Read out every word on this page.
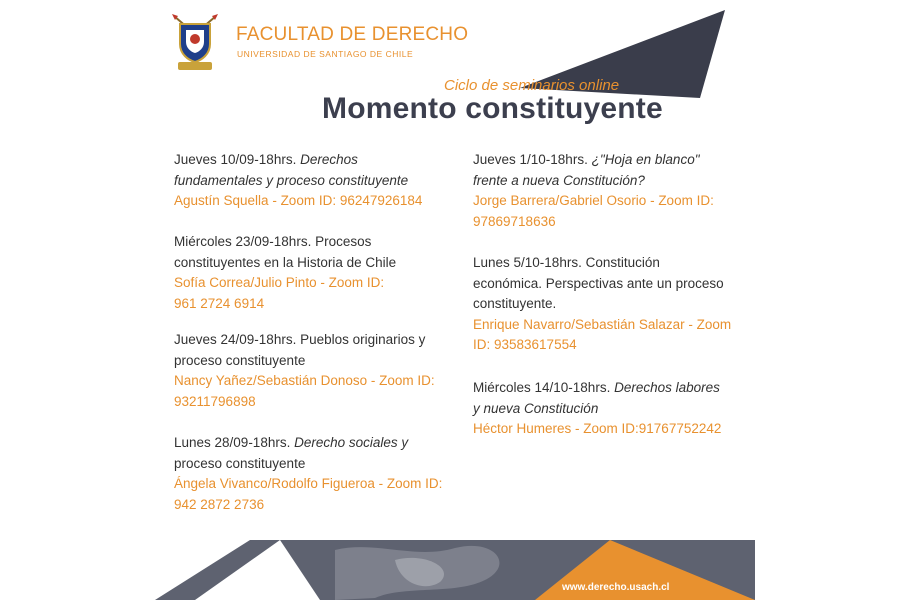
FACULTAD DE DERECHO
UNIVERSIDAD DE SANTIAGO DE CHILE
Ciclo de seminarios online
Momento constituyente
Jueves 10/09-18hrs. Derechos
fundamentales y proceso constituyente
Agustín Squella - Zoom ID: 96247926184
Miércoles 23/09-18hrs. Procesos
constituyentes en la Historia de Chile
Sofía Correa/Julio Pinto - Zoom ID:
961 2724 6914
Jueves 24/09-18hrs. Pueblos originarios y
proceso constituyente
Nancy Yañez/Sebastián Donoso - Zoom ID:
93211796898
Lunes 28/09-18hrs. Derecho sociales y
proceso constituyente
Ángela Vivanco/Rodolfo Figueroa - Zoom ID:
942 2872 2736
Jueves 1/10-18hrs. ¿"Hoja en blanco"
frente a nueva Constitución?
Jorge Barrera/Gabriel Osorio - Zoom ID:
97869718636
Lunes 5/10-18hrs. Constitución
económica. Perspectivas ante un proceso
constituyente.
Enrique Navarro/Sebastián Salazar - Zoom
ID: 93583617554
Miércoles 14/10-18hrs. Derechos labores
y nueva Constitución
Héctor Humeres - Zoom ID:91767752242
www.derecho.usach.cl
